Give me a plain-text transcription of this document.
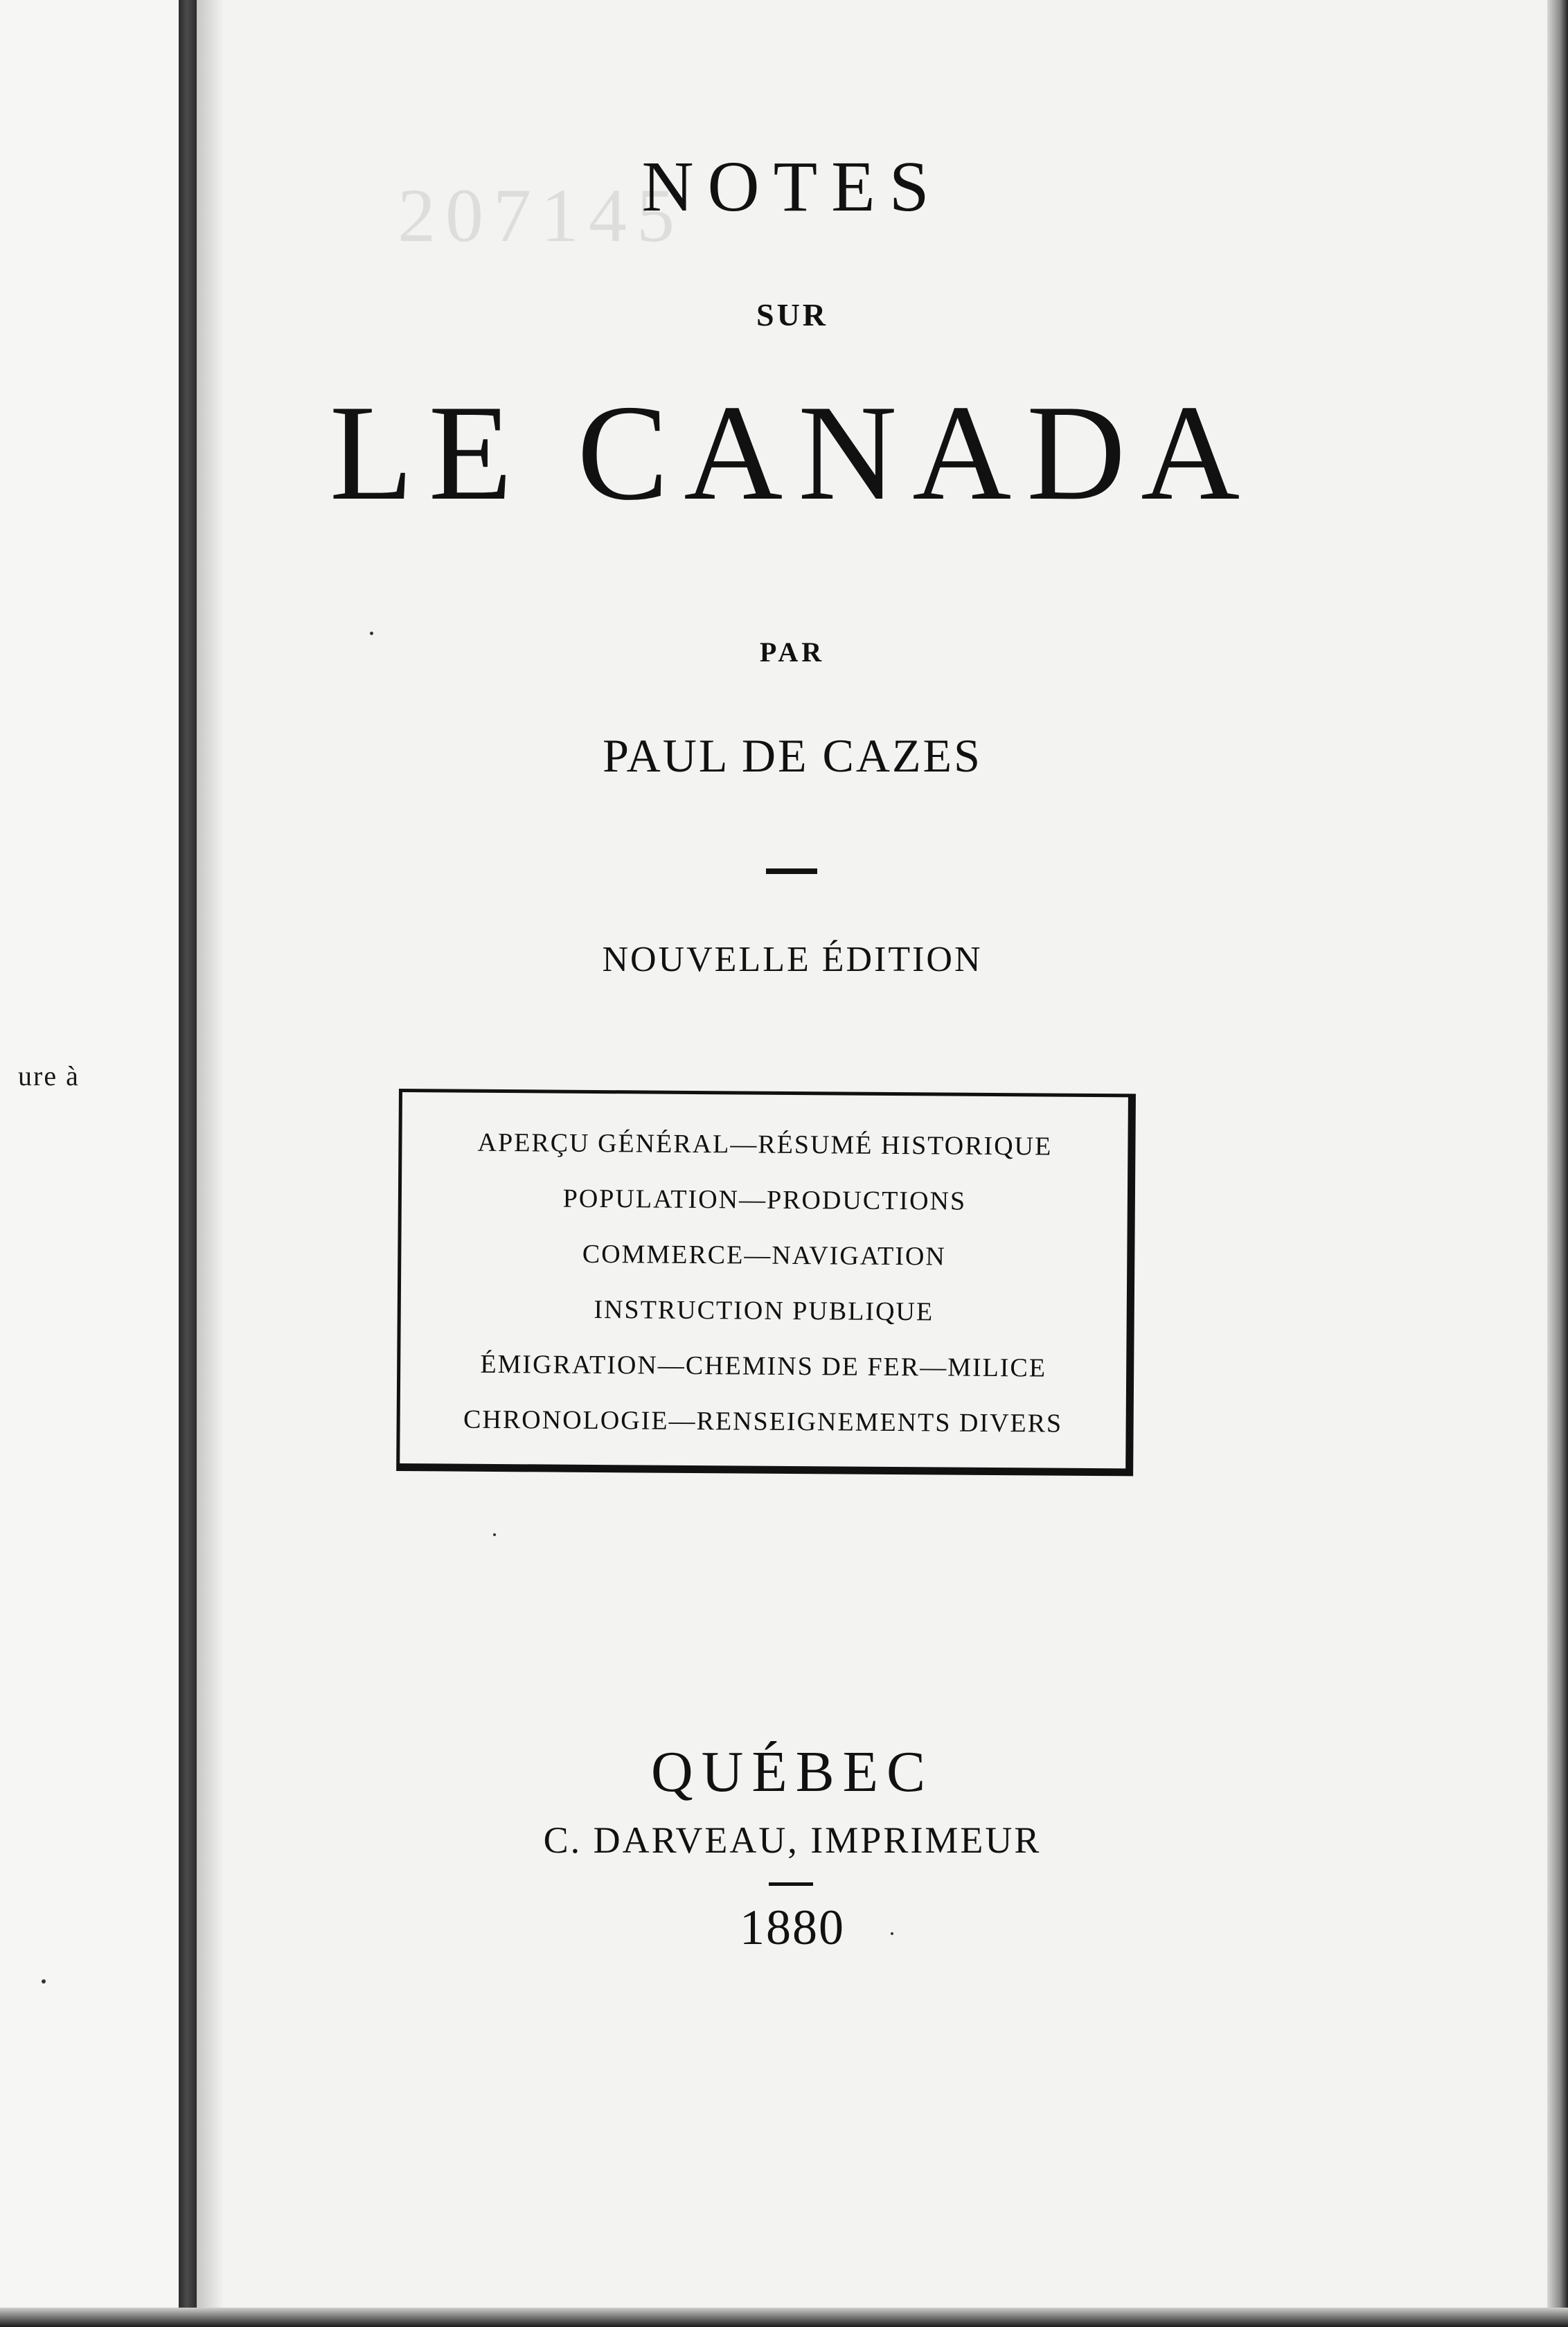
ure à
207145
NOTES
SUR
LE CANADA
PAR
PAUL DE CAZES
NOUVELLE ÉDITION
APERÇU GÉNÉRAL—RÉSUMÉ HISTORIQUE
POPULATION—PRODUCTIONS
COMMERCE—NAVIGATION
INSTRUCTION PUBLIQUE
ÉMIGRATION—CHEMINS DE FER—MILICE
CHRONOLOGIE—RENSEIGNEMENTS DIVERS
QUÉBEC
C. DARVEAU, IMPRIMEUR
1880
